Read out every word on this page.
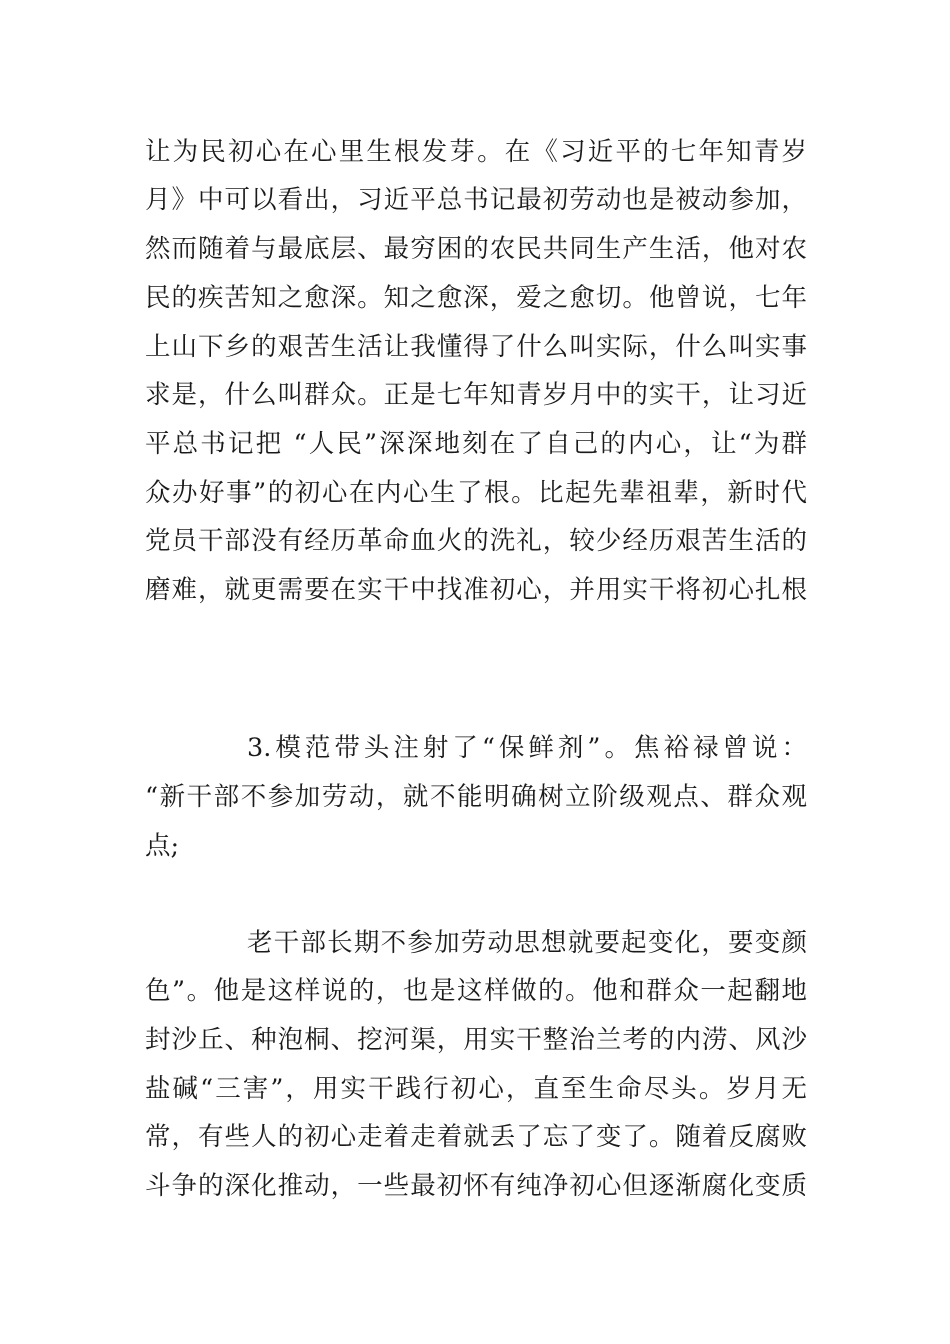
让为民初心在心里生根发芽。在《习近平的七年知青岁
月》中可以看出，习近平总书记最初劳动也是被动参加，
然而随着与最底层、最穷困的农民共同生产生活，他对农
民的疾苦知之愈深。知之愈深，爱之愈切。他曾说，七年
上山下乡的艰苦生活让我懂得了什么叫实际，什么叫实事
求是，什么叫群众。正是七年知青岁月中的实干，让习近
平总书记把 “人民”深深地刻在了自己的内心，让“为群
众办好事”的初心在内心生了根。比起先辈祖辈，新时代
党员干部没有经历革命血火的洗礼，较少经历艰苦生活的
磨难，就更需要在实干中找准初心，并用实干将初心扎根
3.模范带头注射了“保鲜剂”。焦裕禄曾说：
“新干部不参加劳动，就不能明确树立阶级观点、群众观
点;
老干部长期不参加劳动思想就要起变化，要变颜
色”。他是这样说的，也是这样做的。他和群众一起翻地
封沙丘、种泡桐、挖河渠，用实干整治兰考的内涝、风沙
盐碱“三害”，用实干践行初心，直至生命尽头。岁月无
常，有些人的初心走着走着就丢了忘了变了。随着反腐败
斗争的深化推动，一些最初怀有纯净初心但逐渐腐化变质
